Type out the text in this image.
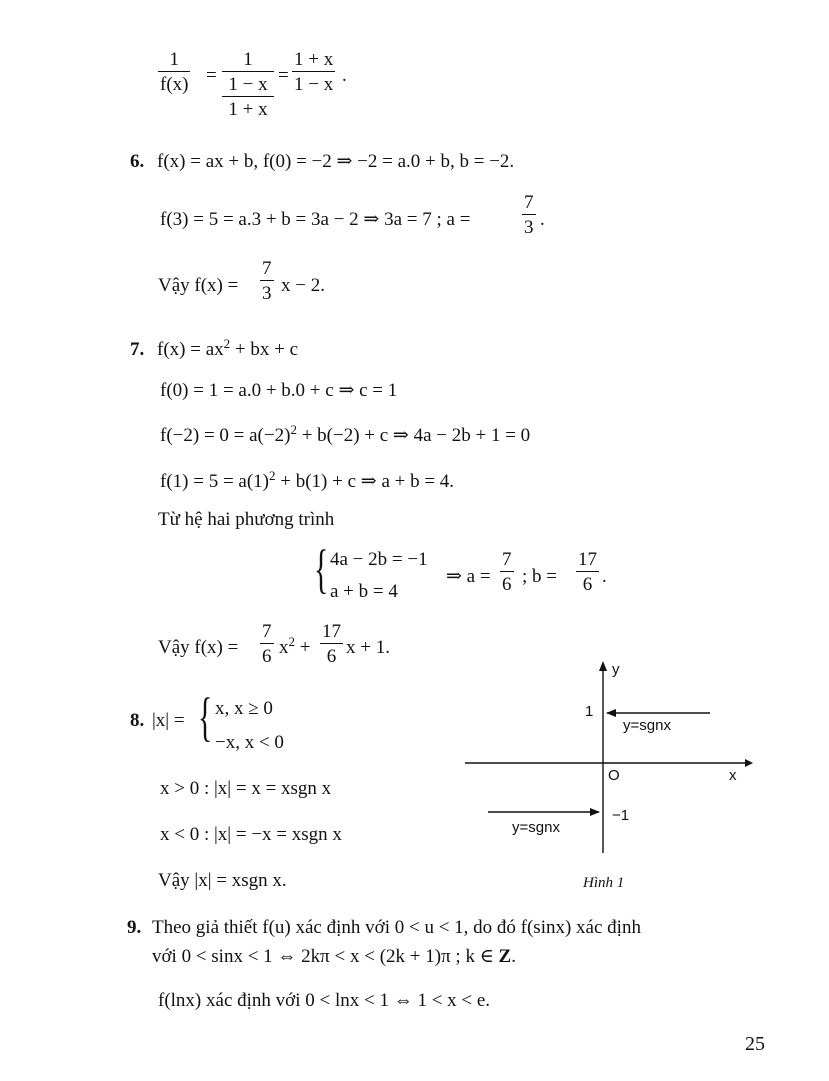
1
f(x) =
1
1 − x
1 + x
=
1 + x
1 − x .
6. f(x) = ax + b, f(0) = −2 ⇒ −2 = a.0 + b, b = −2.
f(3) = 5 = a.3 + b = 3a − 2 ⇒ 3a = 7 ; a =
7
3 .
Vậy f(x) =
7
3 x − 2.
7. $f(x) = ax^2$ + bx + c
f(0) = 1 = a.0 + b.0 + c ⇒ c = 1
$f(-2) = 0 = a(-2)^2 + b(-2) + c$ ⇒ 4a − 2b + 1 = 0
$f(1) = 5 = a(1)^2 + b(1) + c$ ⇒ a + b = 4.
Từ hệ hai phương trình
{ 4a − 2b = −1
a + b = 4
⇒ a =
7
6 ; b =
17
6 .
Vậy f(x) =
7
6 $x^2$ +
17
6 x + 1.
8. |x| = { x, x ≥ 0
−x, x < 0
x > 0 : |x| = x = xsgn x
x < 0 : |x| = −x = xsgn x
Vậy |x| = xsgn x.
y
x
O
1
−1
y=sgnx
y=sgnx
Hình 1
9. Theo giả thiết f(u) xác định với 0 < u < 1, do đó f(sinx) xác định
với 0 < sinx < 1 ⇔ 2kπ < x < (2k + 1)π ; k ∈ Z.
f(lnx) xác định với 0 < lnx < 1 ⇔ 1 < x < e.
25
